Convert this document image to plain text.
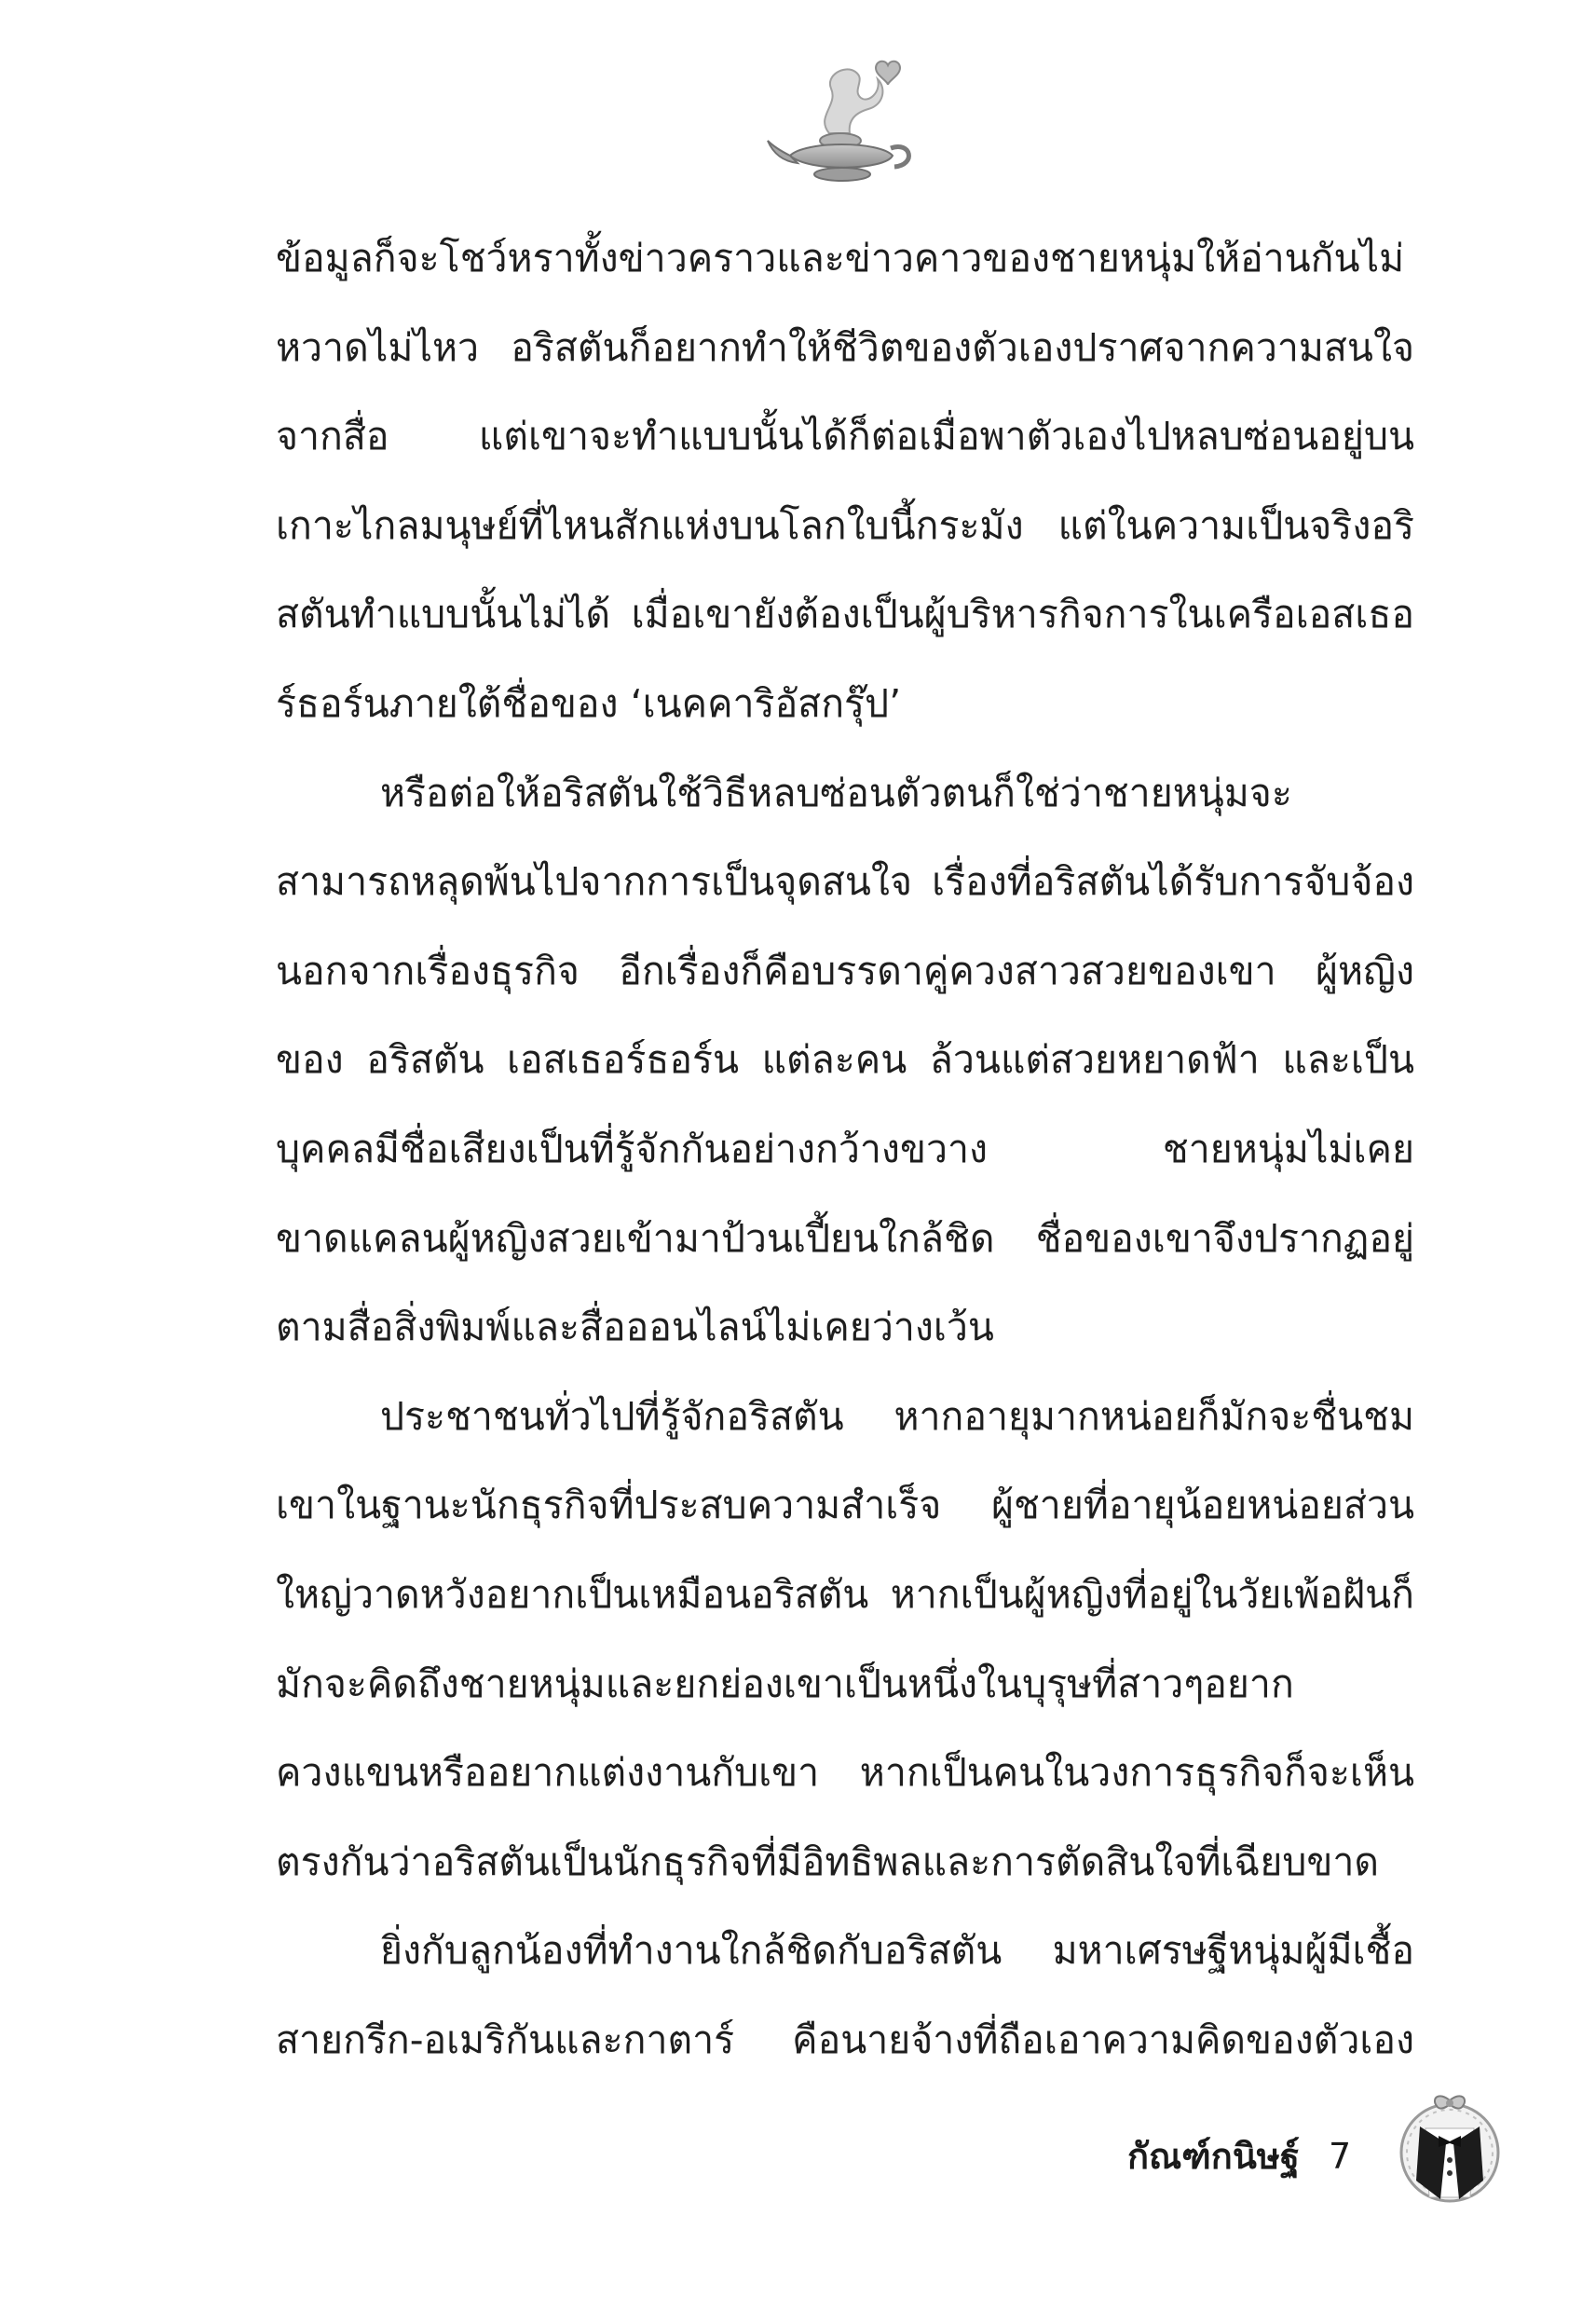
ข้อมูลก็จะโชว์หราทั้งข่าวคราวและข่าวคาวของชายหนุ่มให้อ่านกันไม่หวาดไม่ไหว อริสตันก็อยากทำให้ชีวิตของตัวเองปราศจากความสนใจจากสื่อ แต่เขาจะทำแบบนั้นได้ก็ต่อเมื่อพาตัวเองไปหลบซ่อนอยู่บนเกาะไกลมนุษย์ที่ไหนสักแห่งบนโลกใบนี้กระมัง แต่ในความเป็นจริงอริสตันทำแบบนั้นไม่ได้ เมื่อเขายังต้องเป็นผู้บริหารกิจการในเครือเอสเธอร์ธอร์นภายใต้ชื่อของ ‘เนคคาริอัสกรุ๊ป’

หรือต่อให้อริสตันใช้วิธีหลบซ่อนตัวตนก็ใช่ว่าชายหนุ่มจะสามารถหลุดพ้นไปจากการเป็นจุดสนใจ เรื่องที่อริสตันได้รับการจับจ้องนอกจากเรื่องธุรกิจ อีกเรื่องก็คือบรรดาคู่ควงสาวสวยของเขา ผู้หญิงของ อริสตัน เอสเธอร์ธอร์น แต่ละคน ล้วนแต่สวยหยาดฟ้า และเป็นบุคคลมีชื่อเสียงเป็นที่รู้จักกันอย่างกว้างขวาง ชายหนุ่มไม่เคยขาดแคลนผู้หญิงสวยเข้ามาป้วนเปี้ยนใกล้ชิด ชื่อของเขาจึงปรากฏอยู่ตามสื่อสิ่งพิมพ์และสื่อออนไลน์ไม่เคยว่างเว้น

ประชาชนทั่วไปที่รู้จักอริสตัน หากอายุมากหน่อยก็มักจะชื่นชมเขาในฐานะนักธุรกิจที่ประสบความสำเร็จ ผู้ชายที่อายุน้อยหน่อยส่วนใหญ่วาดหวังอยากเป็นเหมือนอริสตัน หากเป็นผู้หญิงที่อยู่ในวัยเพ้อฝันก็มักจะคิดถึงชายหนุ่มและยกย่องเขาเป็นหนึ่งในบุรุษที่สาวๆอยากควงแขนหรืออยากแต่งงานกับเขา หากเป็นคนในวงการธุรกิจก็จะเห็นตรงกันว่าอริสตันเป็นนักธุรกิจที่มีอิทธิพลและการตัดสินใจที่เฉียบขาด

ยิ่งกับลูกน้องที่ทำงานใกล้ชิดกับอริสตัน มหาเศรษฐีหนุ่มผู้มีเชื้อสายกรีก-อเมริกันและกาตาร์ คือนายจ้างที่ถือเอาความคิดของตัวเอง

กัณฑ์กนิษฐ์ 7
